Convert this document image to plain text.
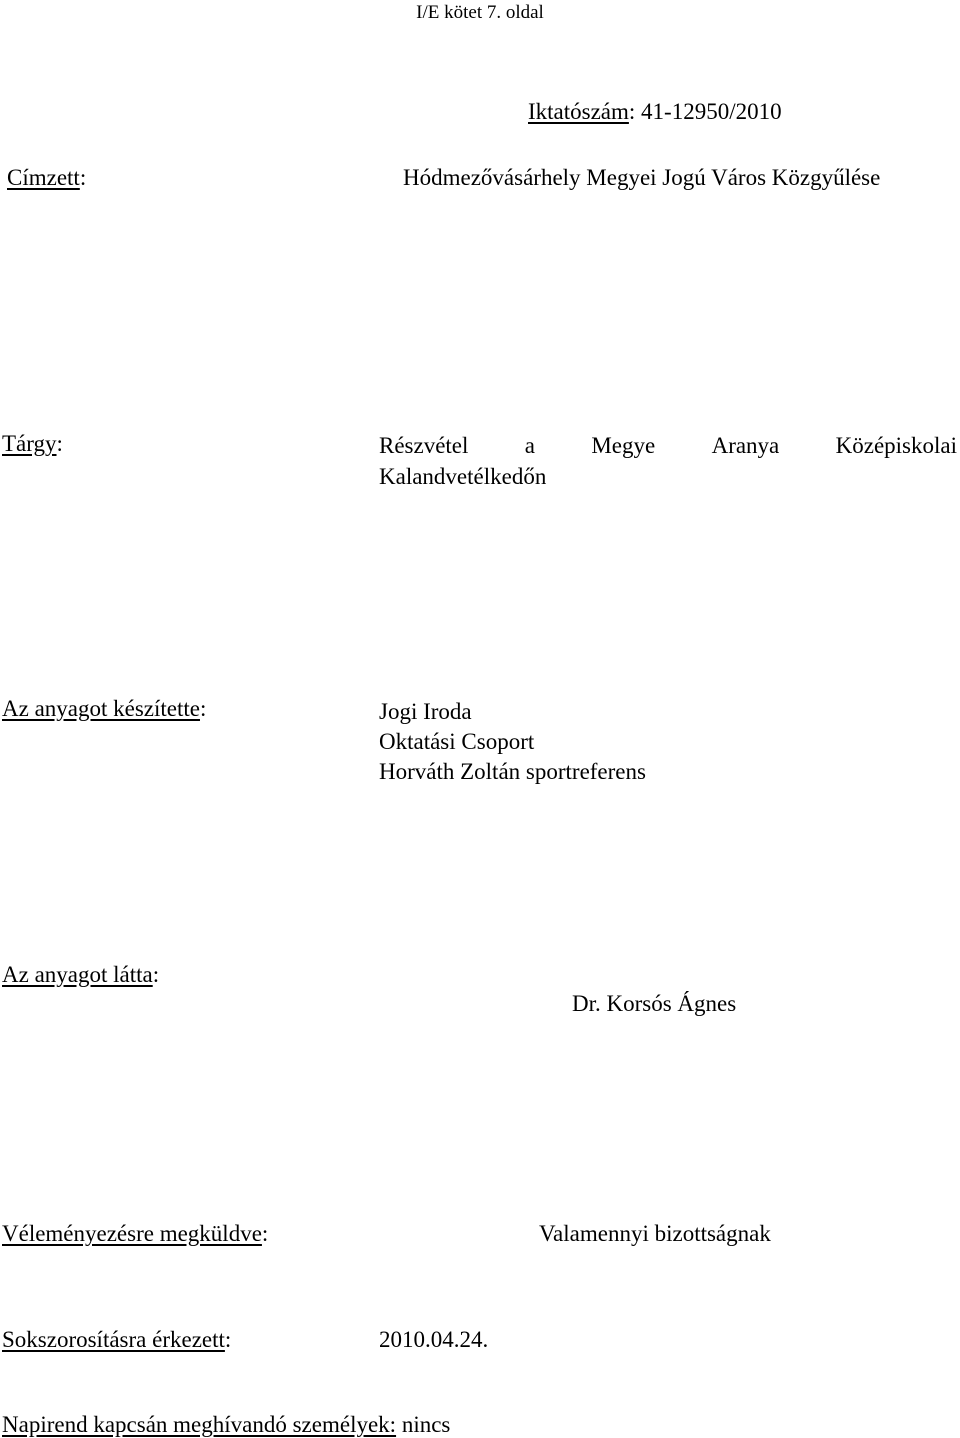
I/E kötet 7. oldal
Iktatószám: 41-12950/2010
Címzett:	Hódmezővásárhely Megyei Jogú Város Közgyűlése
Tárgy:	Részvétel a Megye Aranya Középiskolai
Kalandvetélkedőn
Az anyagot készítette:	Jogi Iroda
Oktatási Csoport
Horváth Zoltán sportreferens
Az anyagot látta:
Dr. Korsós Ágnes
Véleményezésre megküldve:	Valamennyi bizottságnak
Sokszorosításra érkezett:	2010.04.24.
Napirend kapcsán meghívandó személyek: nincs
